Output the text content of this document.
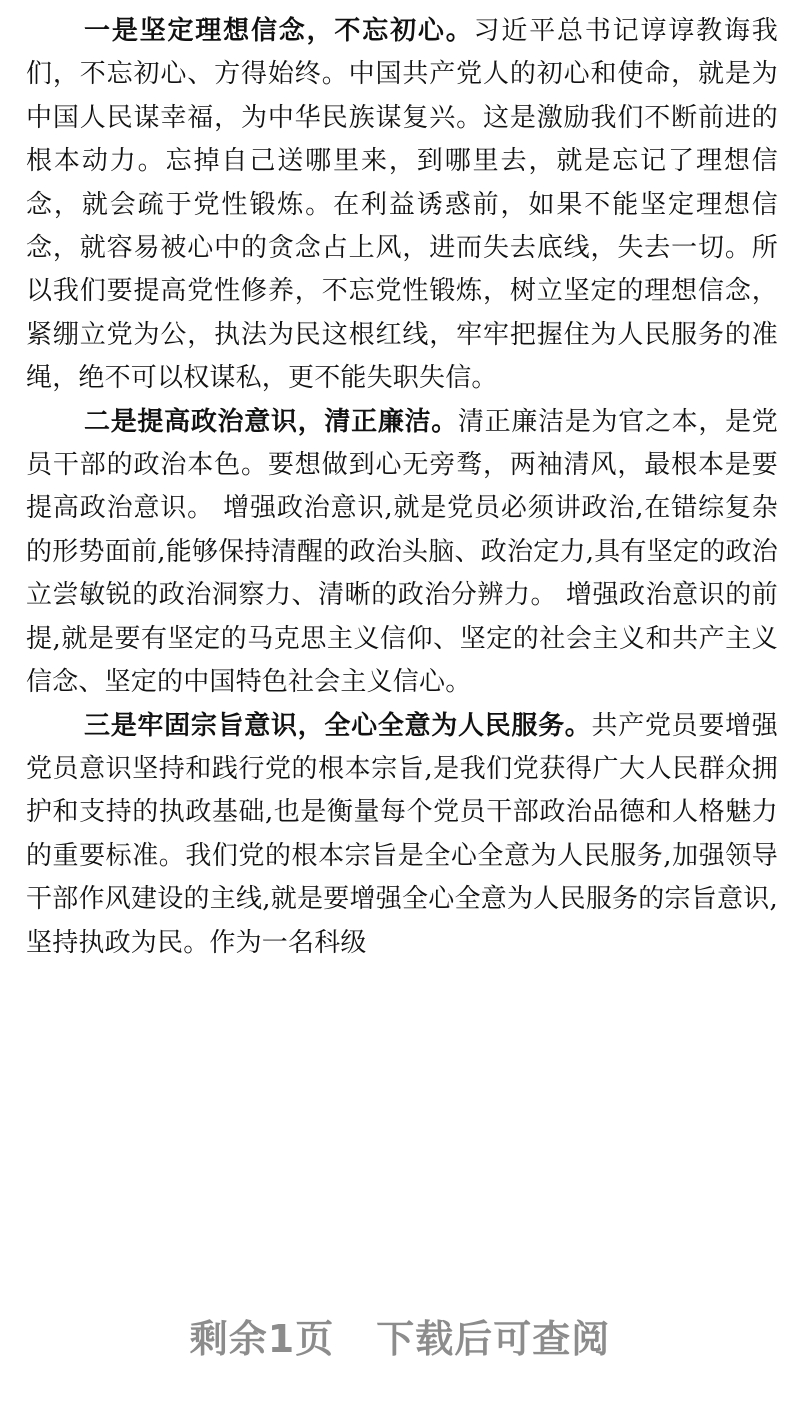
一是坚定理想信念，不忘初心。习近平总书记谆谆教诲我们，不忘初心、方得始终。中国共产党人的初心和使命，就是为中国人民谋幸福，为中华民族谋复兴。这是激励我们不断前进的根本动力。忘掉自己送哪里来，到哪里去，就是忘记了理想信念，就会疏于党性锻炼。在利益诱惑前，如果不能坚定理想信念，就容易被心中的贪念占上风，进而失去底线，失去一切。所以我们要提高党性修养，不忘党性锻炼，树立坚定的理想信念，紧绷立党为公，执法为民这根红线，牢牢把握住为人民服务的准绳，绝不可以权谋私，更不能失职失信。

二是提高政治意识，清正廉洁。清正廉洁是为官之本，是党员干部的政治本色。要想做到心无旁骛，两袖清风，最根本是要提高政治意识。 增强政治意识,就是党员必须讲政治,在错综复杂的形势面前,能够保持清醒的政治头脑、政治定力,具有坚定的政治立尝敏锐的政治洞察力、清晰的政治分辨力。 增强政治意识的前提,就是要有坚定的马克思主义信仰、坚定的社会主义和共产主义信念、坚定的中国特色社会主义信心。

三是牢固宗旨意识，全心全意为人民服务。共产党员要增强党员意识坚持和践行党的根本宗旨,是我们党获得广大人民群众拥护和支持的执政基础,也是衡量每个党员干部政治品德和人格魅力的重要标准。我们党的根本宗旨是全心全意为人民服务,加强领导干部作风建设的主线,就是要增强全心全意为人民服务的宗旨意识,坚持执政为民。作为一名科级

剩余1页 下载后可查阅
